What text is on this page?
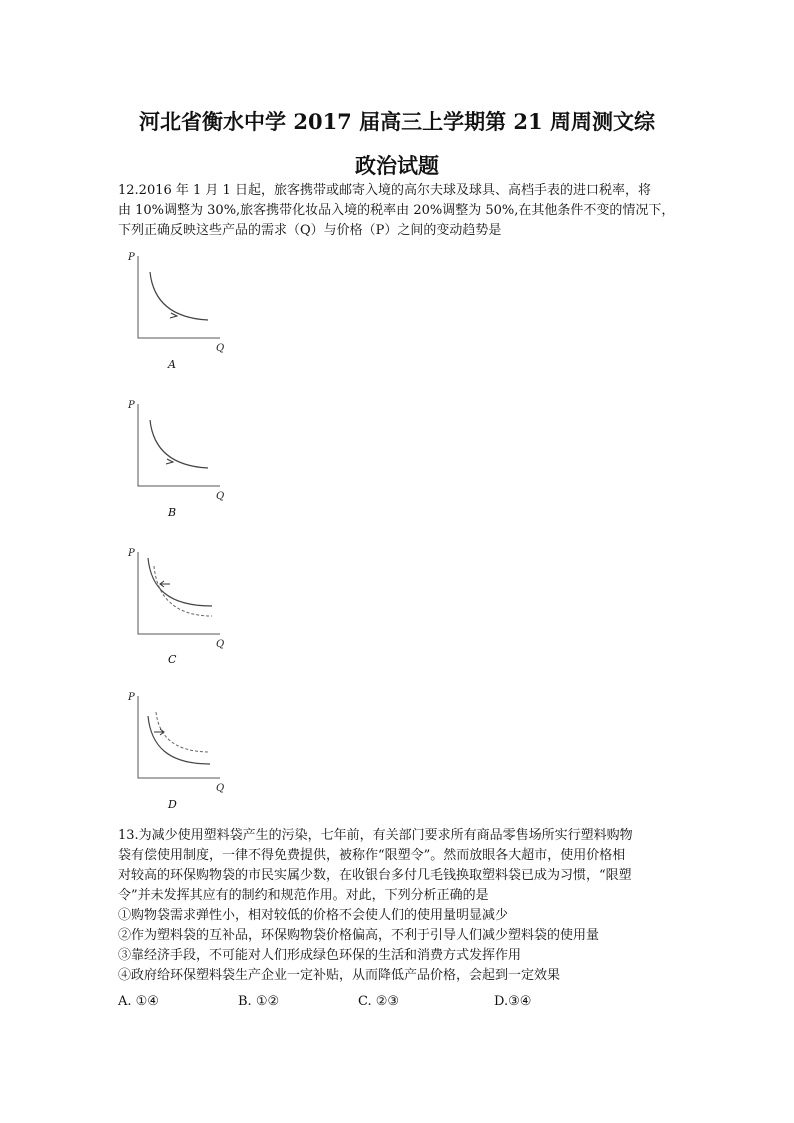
河北省衡水中学 2017 届高三上学期第 21 周周测文综
政治试题
12.2016 年 1 月 1 日起，旅客携带或邮寄入境的高尔夫球及球具、高档手表的进口税率，将
由 10%调整为 30%,旅客携带化妆品入境的税率由 20%调整为 50%,在其他条件不变的情况下，
下列正确反映这些产品的需求（Q）与价格（P）之间的变动趋势是
P
Q
A
P
Q
B
P
Q
C
P
Q
D
13.为减少使用塑料袋产生的污染，七年前，有关部门要求所有商品零售场所实行塑料购物
袋有偿使用制度，一律不得免费提供，被称作“限塑令”。然而放眼各大超市，使用价格相
对较高的环保购物袋的市民实属少数，在收银台多付几毛钱换取塑料袋已成为习惯，“限塑
令”并未发挥其应有的制约和规范作用。对此，下列分析正确的是
①购物袋需求弹性小，相对较低的价格不会使人们的使用量明显减少
②作为塑料袋的互补品，环保购物袋价格偏高，不利于引导人们减少塑料袋的使用量
③靠经济手段，不可能对人们形成绿色环保的生活和消费方式发挥作用
④政府给环保塑料袋生产企业一定补贴，从而降低产品价格，会起到一定效果
A. ①④	B. ①②	C. ②③	D.③④
